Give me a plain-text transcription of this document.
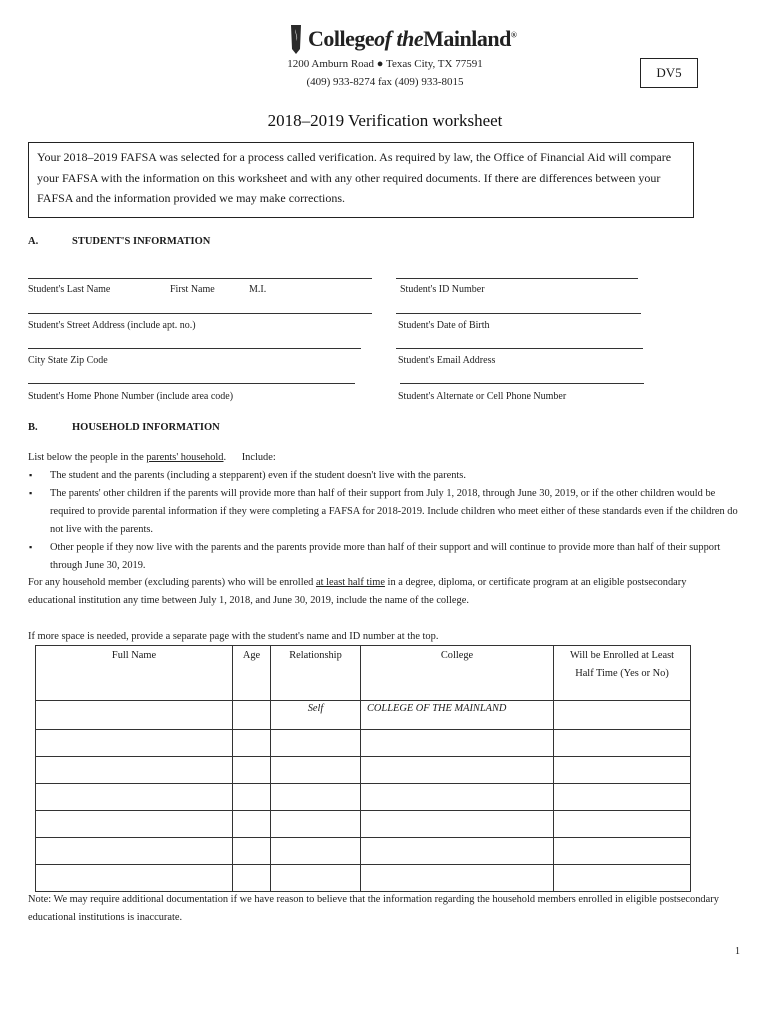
Collegeof theMainland®
1200 Amburn Road ● Texas City, TX 77591
(409) 933-8274 fax (409) 933-8015
DV5
2018–2019 Verification worksheet
Your 2018–2019 FAFSA was selected for a process called verification. As required by law, the Office of Financial Aid will compare your FAFSA with the information on this worksheet and with any other required documents. If there are differences between your FAFSA and the information provided we may make corrections.
A.	STUDENT'S INFORMATION
Student's Last Name	First Name	M.I.	Student's ID Number
Student's Street Address (include apt. no.)	Student's Date of Birth
City State Zip Code	Student's Email Address
Student's Home Phone Number (include area code)	Student's Alternate or Cell Phone Number
B.	HOUSEHOLD INFORMATION
List below the people in the parents' household.      Include:
▪ The student and the parents (including a stepparent) even if the student doesn't live with the parents.
▪ The parents' other children if the parents will provide more than half of their support from July 1, 2018, through June 30, 2019, or if the other children would be required to provide parental information if they were completing a FAFSA for 2018-2019. Include children who meet either of these standards even if the children do not live with the parents.
▪ Other people if they now live with the parents and the parents provide more than half of their support and will continue to provide more than half of their support through June 30, 2019.
For any household member (excluding parents) who will be enrolled at least half time in a degree, diploma, or certificate program at an eligible postsecondary educational institution any time between July 1, 2018, and June 30, 2019, include the name of the college.
If more space is needed, provide a separate page with the student's name and ID number at the top.
Full Name	Age	Relationship	College	Will be Enrolled at Least Half Time (Yes or No)
		Self	COLLEGE OF THE MAINLAND	

Note: We may require additional documentation if we have reason to believe that the information regarding the household members enrolled in eligible postsecondary educational institutions is inaccurate.
1
